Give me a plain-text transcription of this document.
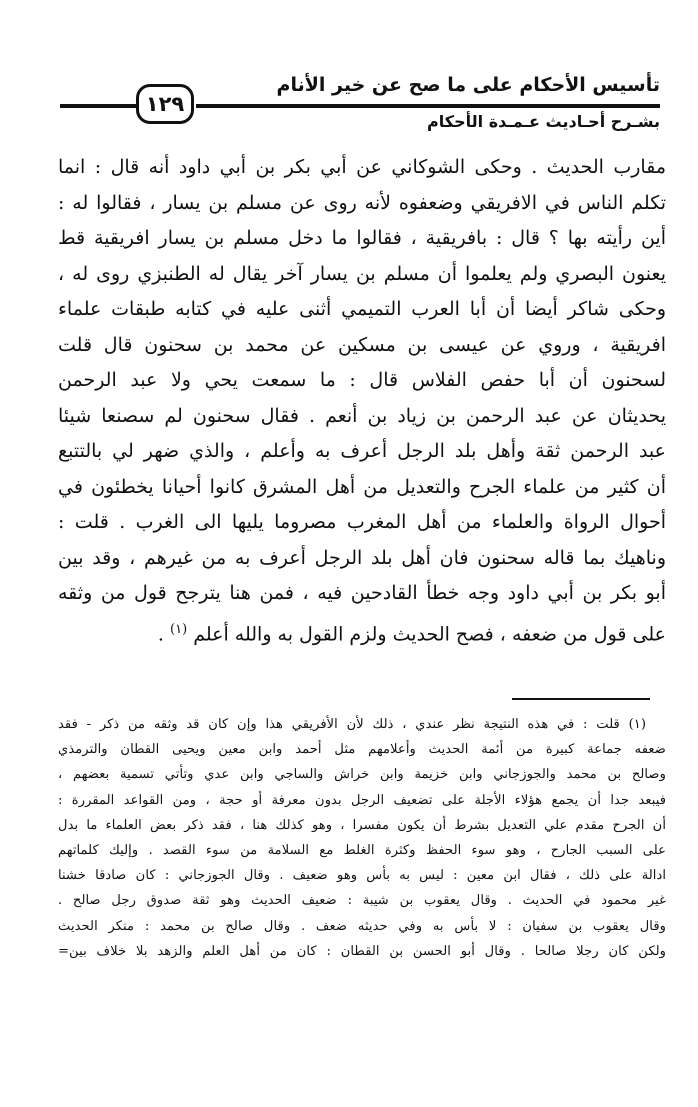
تأسيس الأحكام على ما صح عن خير الأنام
١٢٩
بشـرح أحـاديث عـمـدة الأحكام
مقارب الحديث . وحكى الشوكاني عن أبي بكر بن أبي داود أنه قال : انما
تكلم الناس في الافريقي وضعفوه لأنه روى عن مسلم بن يسار ، فقالوا له :
أين رأيته بها ؟ قال : بافريقية ، فقالوا ما دخل مسلم بن يسار افريقية قط
يعنون البصري ولم يعلموا أن مسلم بن يسار آخر يقال له الطنبزي روى له ،
وحكى شاكر أيضا أن أبا العرب التميمي أثنى عليه في كتابه طبقات علماء
افريقية ، وروي عن عيسى بن مسكين عن محمد بن سحنون قال قلت
لسحنون أن أبا حفص الفلاس قال : ما سمعت يحي ولا عبد الرحمن
يحديثان عن عبد الرحمن بن زياد بن أنعم . فقال سحنون لم سصنعا شيئا
عبد الرحمن ثقة وأهل بلد الرجل أعرف به وأعلم ، والذي ضهر لي بالتتبع
أن كثير من علماء الجرح والتعديل من أهل المشرق كانوا أحيانا يخطئون في
أحوال الرواة والعلماء من أهل المغرب مصروما يليها الى الغرب . قلت :
وناهيك بما قاله سحنون فان أهل بلد الرجل أعرف به من غيرهم ، وقد بين
أبو بكر بن أبي داود وجه خطأ القادحين فيه ، فمن هنا يترجح قول من وثقه
على قول من ضعفه ، فصح الحديث ولزم القول به والله أعلم $^{(١)}$ .
(١) قلت : في هذه النتيجة نظر عندي ، ذلك لأن الأفريقي هذا وإن كان قد وثقه من ذكر - فقد
ضعفه جماعة كبيرة من أئمة الحديث وأعلامهم مثل أحمد وابن معين ويحيى القطان والترمذي
وصالح بن محمد والجوزجاني وابن خزيمة وابن خراش والساجي وابن عدي وتأتي تسمية بعضهم ،
فيبعد جدا أن يجمع هؤلاء الأجلة على تضعيف الرجل بدون معرفة أو حجة ، ومن القواعد المقررة :
أن الجرح مقدم علي التعديل بشرط أن يكون مفسرا ، وهو كذلك هنا ، فقد ذكر بعض العلماء ما بدل
على السبب الجارح ، وهو سوء الحفظ وكثرة الغلط مع السلامة من سوء القصد . وإليك كلماتهم
ادالة على ذلك ، فقال ابن معين : ليس به بأس وهو ضعيف . وقال الجوزجاني : كان صادقا خشنا
غير محمود في الحديث . وقال يعقوب بن شيبة : ضعيف الحديث وهو ثقة صدوق رجل صالح .
وقال يعقوب بن سفيان : لا بأس به وفي حديثه ضعف . وقال صالح بن محمد : منكر الحديث
ولكن كان رجلا صالحا . وقال أبو الحسن بن القطان : كان من أهل العلم والزهد بلا خلاف بين=
